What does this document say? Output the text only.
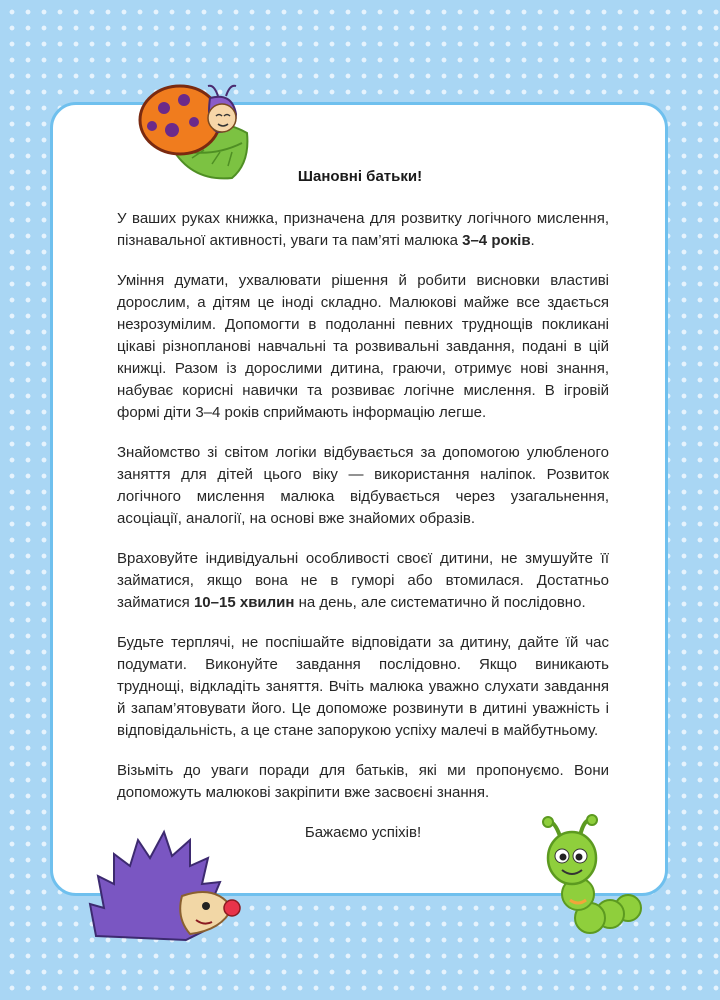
Шановні батьки!

У ваших руках книжка, призначена для розвитку логічного мислення, пізнавальної активності, уваги та пам’яті малюка 3–4 років.

Уміння думати, ухвалювати рішення й робити висновки властиві дорослим, а дітям це іноді складно. Малюкові майже все здається незрозумілим. Допомогти в подоланні певних труднощів покликані цікаві різнопланові навчальні та розвивальні завдання, подані в цій книжці. Разом із дорослими дитина, граючи, отримує нові знання, набуває корисні навички та розвиває логічне мислення. В ігровій формі діти 3–4 років сприймають інформацію легше.

Знайомство зі світом логіки відбувається за допомогою улюбленого заняття для дітей цього віку — використання наліпок. Розвиток логічного мислення малюка відбувається через узагальнення, асоціації, аналогії, на основі вже знайомих образів.

Враховуйте індивідуальні особливості своєї дитини, не змушуйте її займатися, якщо вона не в гуморі або втомилася. Достатньо займатися 10–15 хвилин на день, але систематично й послідовно.

Будьте терплячі, не поспішайте відповідати за дитину, дайте їй час подумати. Виконуйте завдання послідовно. Якщо виникають труднощі, відкладіть заняття. Вчіть малюка уважно слухати завдання й запам’ятовувати його. Це допоможе розвинути в дитині уважність і відповідальність, а це стане запорукою успіху малечі в майбутньому.

Візьміть до уваги поради для батьків, які ми пропонуємо. Вони допоможуть малюкові закріпити вже засвоєні знання.

Бажаємо успіхів!
